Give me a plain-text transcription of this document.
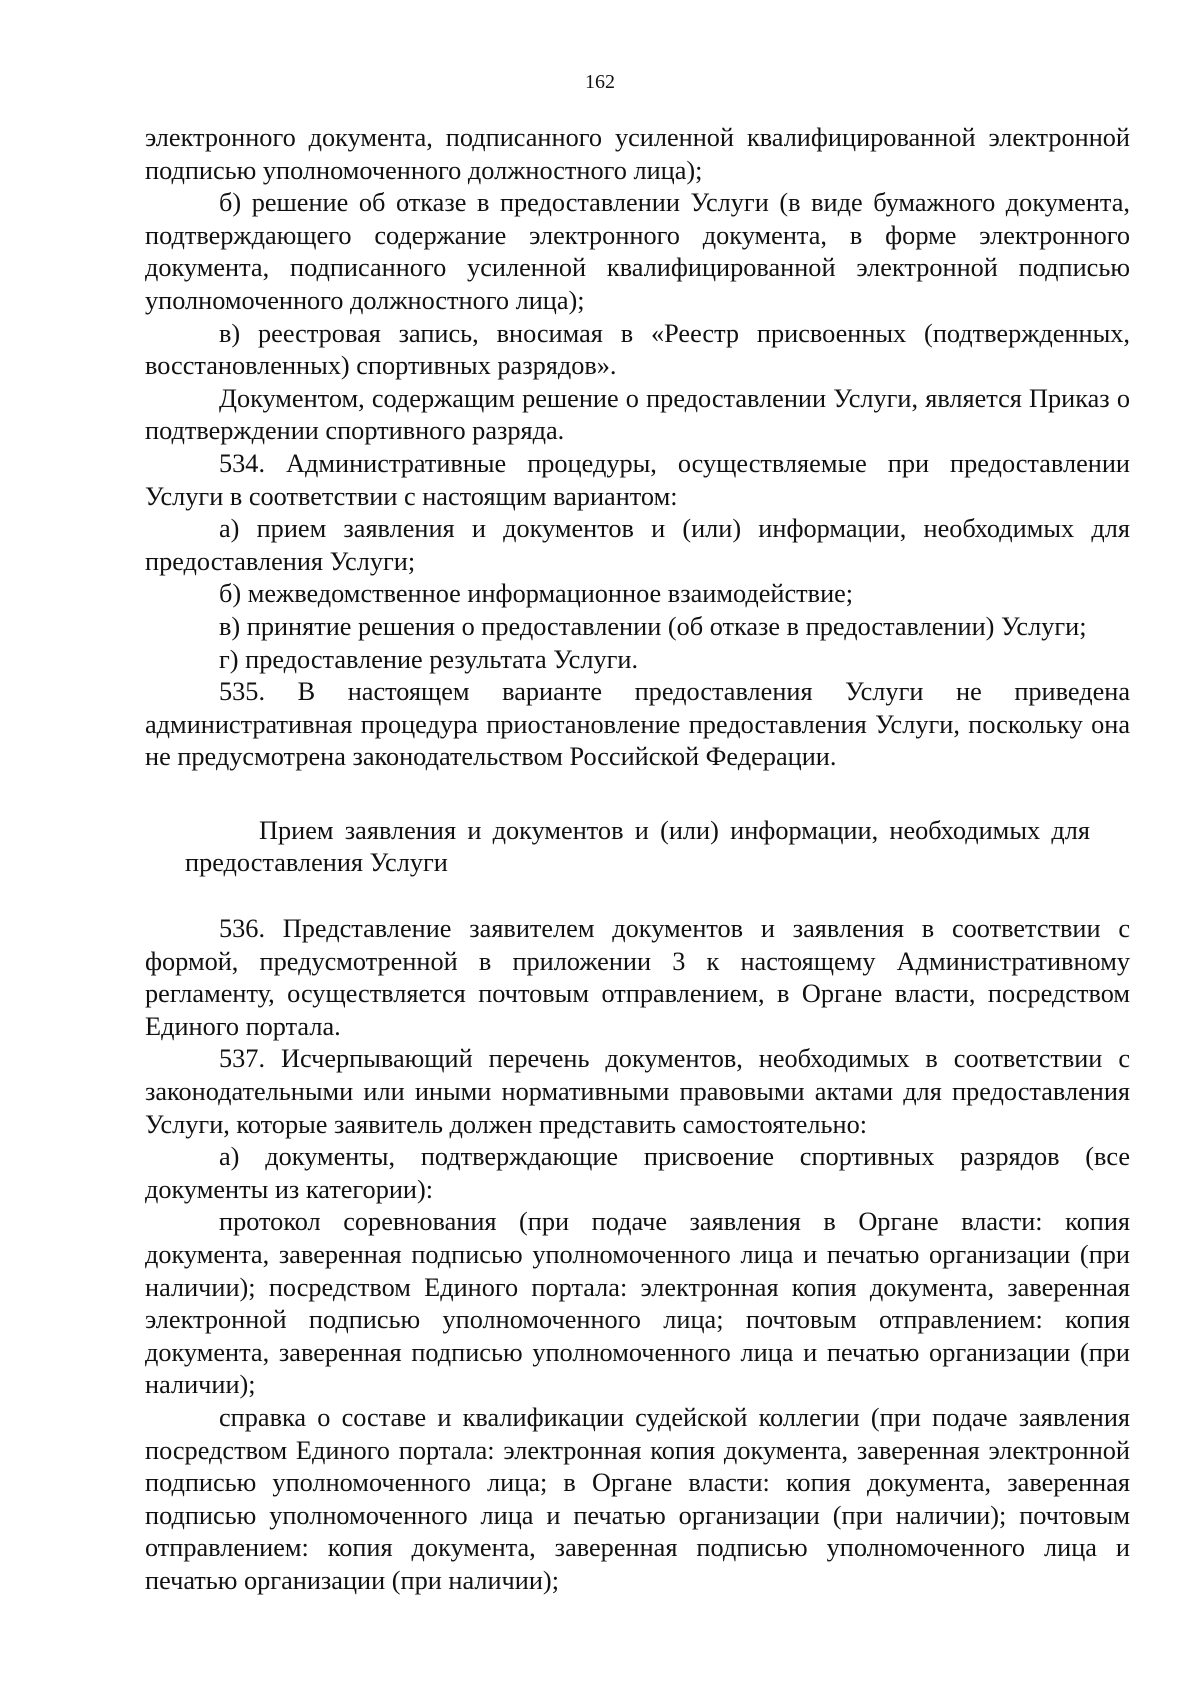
162

электронного документа, подписанного усиленной квалифицированной электронной подписью уполномоченного должностного лица);

б) решение об отказе в предоставлении Услуги (в виде бумажного документа, подтверждающего содержание электронного документа, в форме электронного документа, подписанного усиленной квалифицированной электронной подписью уполномоченного должностного лица);

в) реестровая запись, вносимая в «Реестр присвоенных (подтвержденных, восстановленных) спортивных разрядов».

Документом, содержащим решение о предоставлении Услуги, является Приказ о подтверждении спортивного разряда.

534. Административные процедуры, осуществляемые при предоставлении Услуги в соответствии с настоящим вариантом:

а) прием заявления и документов и (или) информации, необходимых для предоставления Услуги;

б) межведомственное информационное взаимодействие;

в) принятие решения о предоставлении (об отказе в предоставлении) Услуги;

г) предоставление результата Услуги.

535. В настоящем варианте предоставления Услуги не приведена административная процедура приостановление предоставления Услуги, поскольку она не предусмотрена законодательством Российской Федерации.

Прием заявления и документов и (или) информации, необходимых для предоставления Услуги

536. Представление заявителем документов и заявления в соответствии с формой, предусмотренной в приложении 3 к настоящему Административному регламенту, осуществляется почтовым отправлением, в Органе власти, посредством Единого портала.

537. Исчерпывающий перечень документов, необходимых в соответствии с законодательными или иными нормативными правовыми актами для предоставления Услуги, которые заявитель должен представить самостоятельно:

а) документы, подтверждающие присвоение спортивных разрядов (все документы из категории):

протокол соревнования (при подаче заявления в Органе власти: копия документа, заверенная подписью уполномоченного лица и печатью организации (при наличии); посредством Единого портала: электронная копия документа, заверенная электронной подписью уполномоченного лица; почтовым отправлением: копия документа, заверенная подписью уполномоченного лица и печатью организации (при наличии);

справка о составе и квалификации судейской коллегии (при подаче заявления посредством Единого портала: электронная копия документа, заверенная электронной подписью уполномоченного лица; в Органе власти: копия документа, заверенная подписью уполномоченного лица и печатью организации (при наличии); почтовым отправлением: копия документа, заверенная подписью уполномоченного лица и печатью организации (при наличии);
